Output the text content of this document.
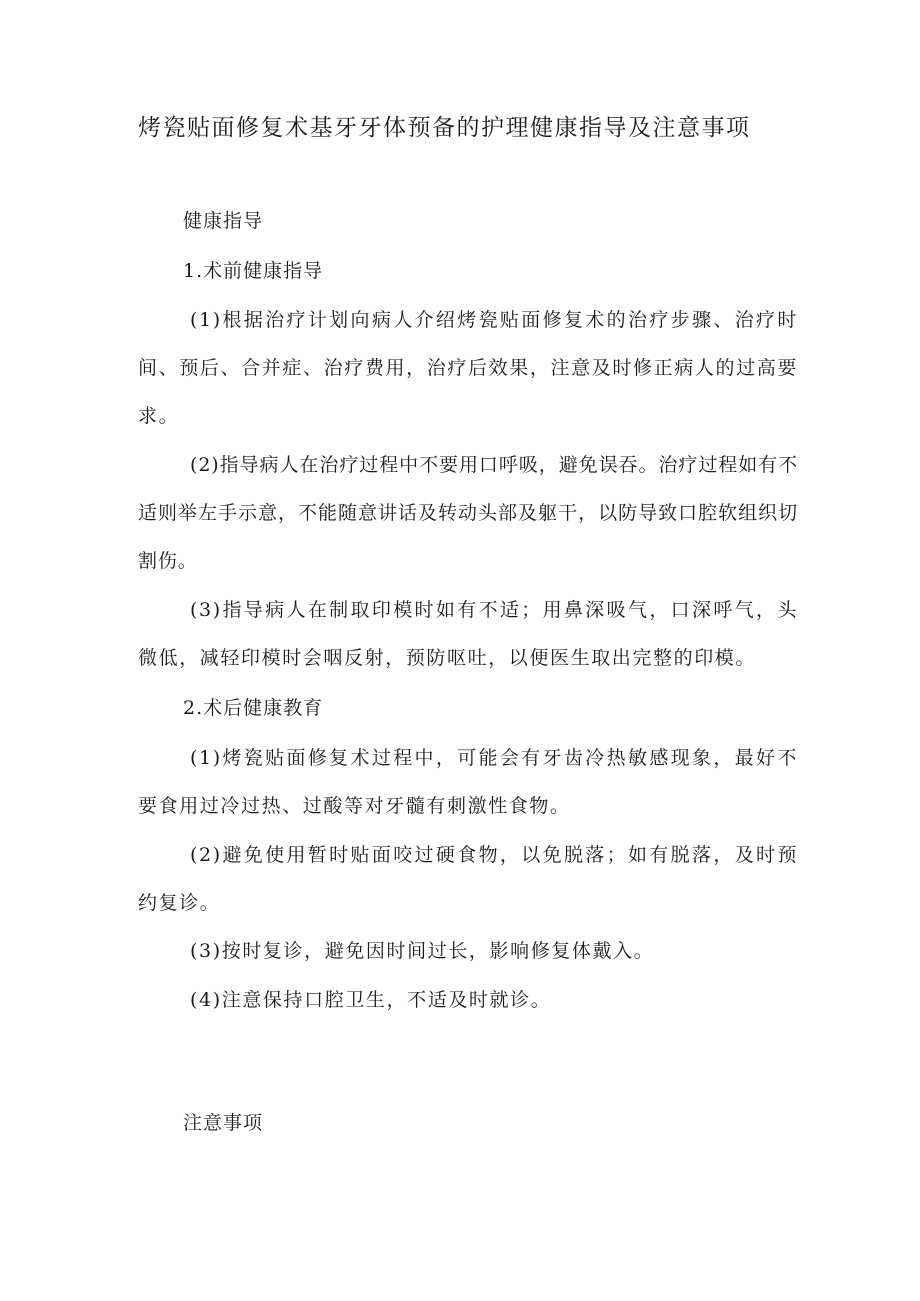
烤瓷贴面修复术基牙牙体预备的护理健康指导及注意事项
健康指导
1.术前健康指导

(1)根据治疗计划向病人介绍烤瓷贴面修复术的治疗步骤、治疗时间、预后、合并症、治疗费用，治疗后效果，注意及时修正病人的过高要求。

(2)指导病人在治疗过程中不要用口呼吸，避免误吞。治疗过程如有不适则举左手示意，不能随意讲话及转动头部及躯干，以防导致口腔软组织切割伤。

(3)指导病人在制取印模时如有不适；用鼻深吸气，口深呼气，头微低，减轻印模时会咽反射，预防呕吐，以便医生取出完整的印模。

2.术后健康教育

(1)烤瓷贴面修复术过程中，可能会有牙齿冷热敏感现象，最好不要食用过冷过热、过酸等对牙髓有刺激性食物。

(2)避免使用暂时贴面咬过硬食物，以免脱落；如有脱落，及时预约复诊。

(3)按时复诊，避免因时间过长，影响修复体戴入。

(4)注意保持口腔卫生，不适及时就诊。

注意事项
